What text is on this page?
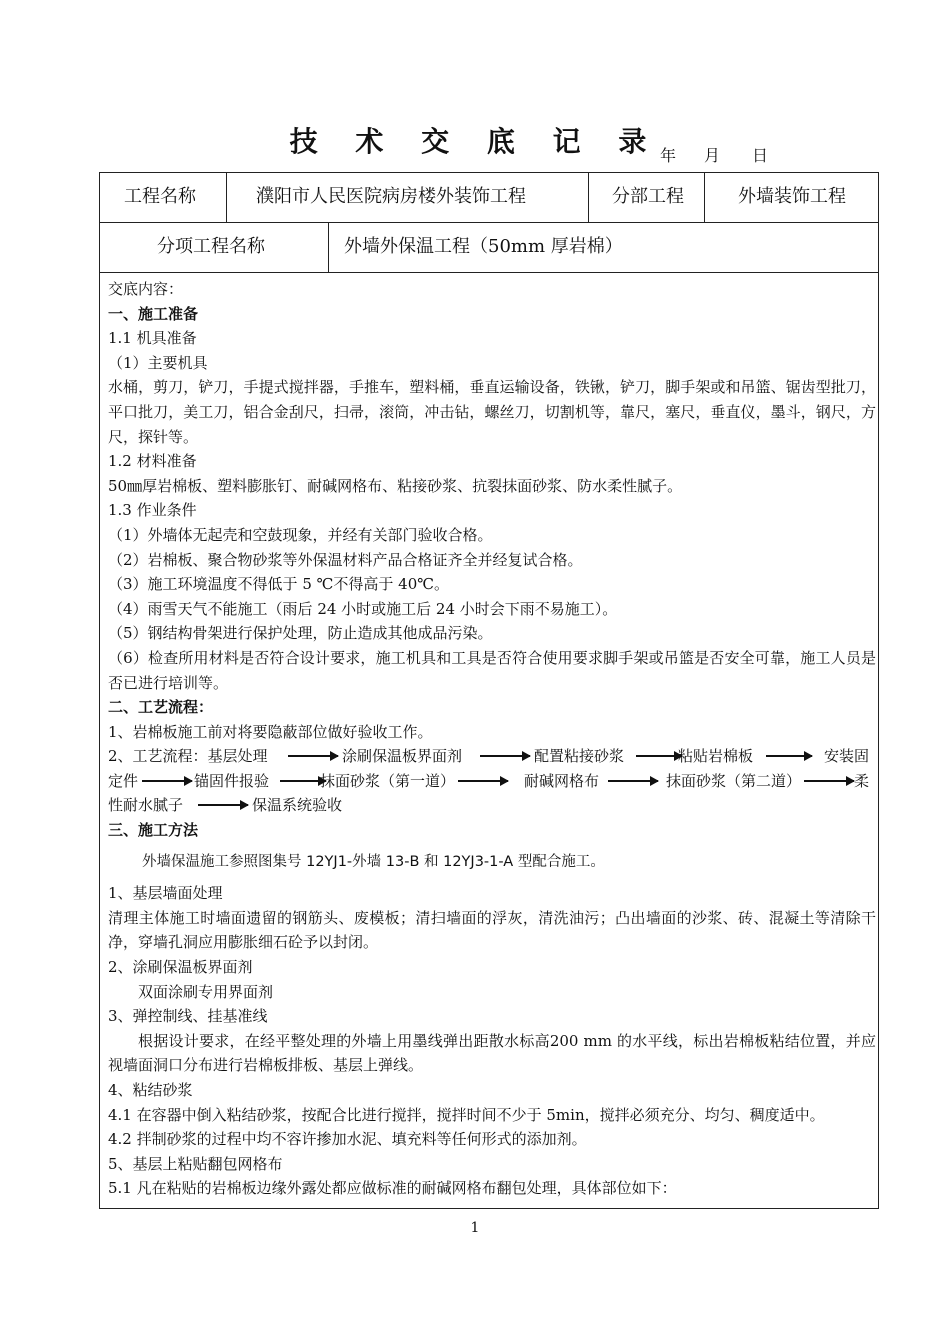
技 术 交 底 记 录 年 月 日
工程名称	濮阳市人民医院病房楼外装饰工程	分部工程	外墙装饰工程
分项工程名称	外墙外保温工程（50mm 厚岩棉）
交底内容：
一、施工准备
1.1 机具准备
（1）主要机具
水桶，剪刀，铲刀，手提式搅拌器，手推车，塑料桶，垂直运输设备，铁锹，铲刀，脚手架或和吊篮、锯齿型批刀，平口批刀，美工刀，铝合金刮尺，扫帚，滚筒，冲击钻，螺丝刀，切割机等，靠尺，塞尺，垂直仪，墨斗，钢尺，方尺，探针等。
1.2 材料准备
50㎜厚岩棉板、塑料膨胀钉、耐碱网格布、粘接砂浆、抗裂抹面砂浆、防水柔性腻子。
1.3 作业条件
（1）外墙体无起壳和空鼓现象，并经有关部门验收合格。
（2）岩棉板、聚合物砂浆等外保温材料产品合格证齐全并经复试合格。
（3）施工环境温度不得低于 5 ℃不得高于 40℃。
（4）雨雪天气不能施工（雨后 24 小时或施工后 24 小时会下雨不易施工）。
（5）钢结构骨架进行保护处理，防止造成其他成品污染。
（6）检查所用材料是否符合设计要求，施工机具和工具是否符合使用要求脚手架或吊篮是否安全可靠，施工人员是否已进行培训等。
二、工艺流程：
1、岩棉板施工前对将要隐蔽部位做好验收工作。
2、工艺流程：基层处理	涂刷保温板界面剂	配置粘接砂浆	粘贴岩棉板	安装固
定件	锚固件报验	抹面砂浆（第一道）	耐碱网格布	抹面砂浆（第二道）	柔
性耐水腻子	保温系统验收
三、施工方法
外墙保温施工参照图集号 12YJ1-外墙 13-B 和 12YJ3-1-A 型配合施工。
1、基层墙面处理
清理主体施工时墙面遗留的钢筋头、废模板；清扫墙面的浮灰，清洗油污；凸出墙面的沙浆、砖、混凝土等清除干净，穿墙孔洞应用膨胀细石砼予以封闭。
2、涂刷保温板界面剂
双面涂刷专用界面剂
3、弹控制线、挂基准线
根据设计要求，在经平整处理的外墙上用墨线弹出距散水标高200 mm 的水平线，标出岩棉板粘结位置，并应视墙面洞口分布进行岩棉板排板、基层上弹线。
4、粘结砂浆
4.1 在容器中倒入粘结砂浆，按配合比进行搅拌，搅拌时间不少于 5min，搅拌必须充分、均匀、稠度适中。
4.2 拌制砂浆的过程中均不容许掺加水泥、填充料等任何形式的添加剂。
5、基层上粘贴翻包网格布
5.1 凡在粘贴的岩棉板边缘外露处都应做标准的耐碱网格布翻包处理，具体部位如下：
1
